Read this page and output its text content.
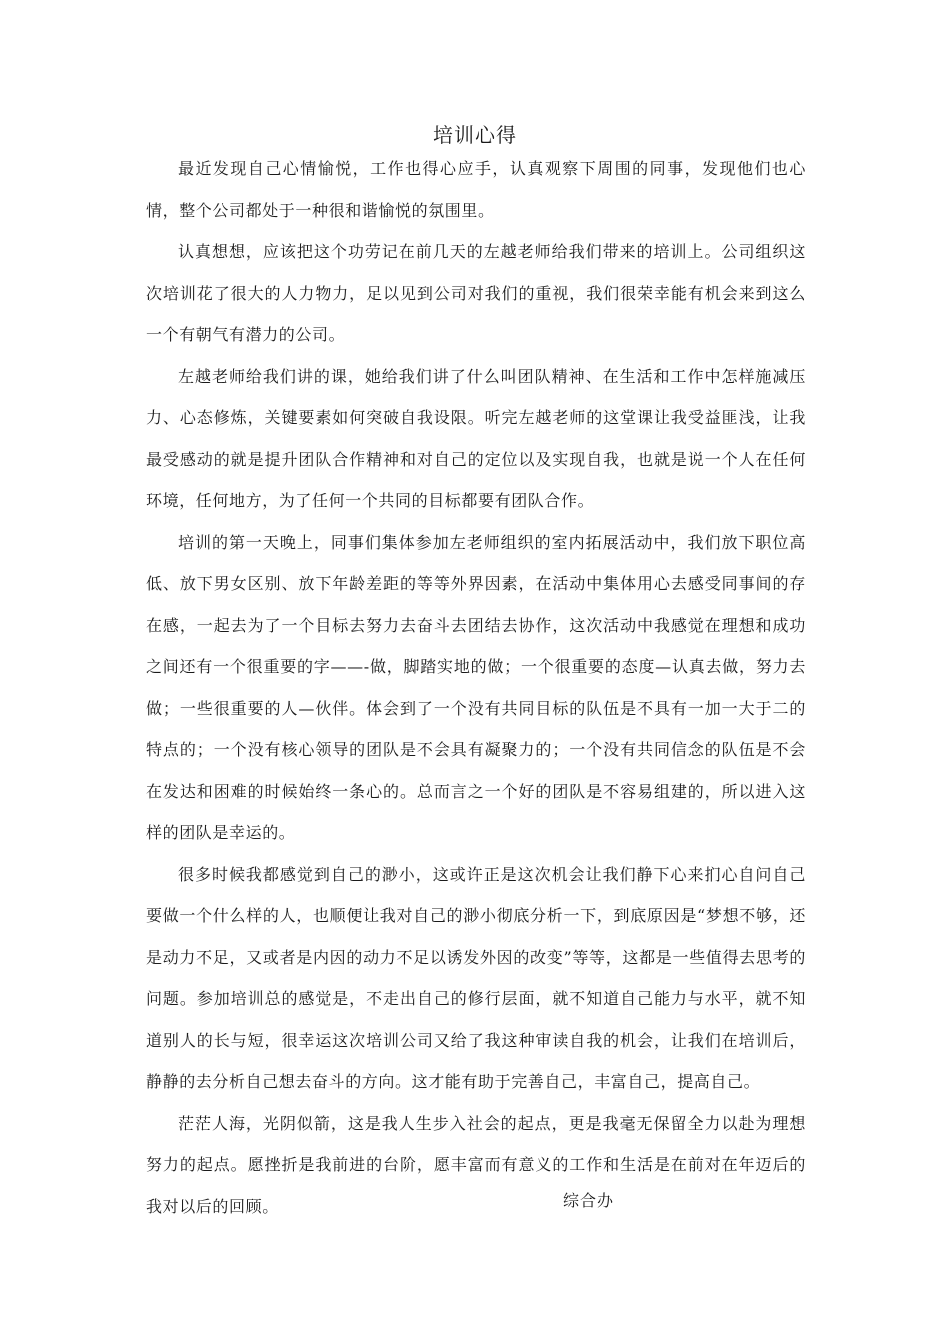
培训心得

最近发现自己心情愉悦，工作也得心应手，认真观察下周围的同事，发现他们也心情，整个公司都处于一种很和谐愉悦的氛围里。

认真想想，应该把这个功劳记在前几天的左越老师给我们带来的培训上。公司组织这次培训花了很大的人力物力，足以见到公司对我们的重视，我们很荣幸能有机会来到这么一个有朝气有潜力的公司。

左越老师给我们讲的课，她给我们讲了什么叫团队精神、在生活和工作中怎样施减压力、心态修炼，关键要素如何突破自我设限。听完左越老师的这堂课让我受益匪浅，让我最受感动的就是提升团队合作精神和对自己的定位以及实现自我，也就是说一个人在任何环境，任何地方，为了任何一个共同的目标都要有团队合作。

培训的第一天晚上，同事们集体参加左老师组织的室内拓展活动中，我们放下职位高低、放下男女区别、放下年龄差距的等等外界因素，在活动中集体用心去感受同事间的存在感，一起去为了一个目标去努力去奋斗去团结去协作，这次活动中我感觉在理想和成功之间还有一个很重要的字——-做，脚踏实地的做；一个很重要的态度—认真去做，努力去做；一些很重要的人—伙伴。体会到了一个没有共同目标的队伍是不具有一加一大于二的特点的；一个没有核心领导的团队是不会具有凝聚力的；一个没有共同信念的队伍是不会在发达和困难的时候始终一条心的。总而言之一个好的团队是不容易组建的，所以进入这样的团队是幸运的。

很多时候我都感觉到自己的渺小，这或许正是这次机会让我们静下心来扪心自问自己要做一个什么样的人，也顺便让我对自己的渺小彻底分析一下，到底原因是“梦想不够，还是动力不足，又或者是内因的动力不足以诱发外因的改变”等等，这都是一些值得去思考的问题。参加培训总的感觉是，不走出自己的修行层面，就不知道自己能力与水平，就不知道别人的长与短，很幸运这次培训公司又给了我这种审读自我的机会，让我们在培训后，静静的去分析自己想去奋斗的方向。这才能有助于完善自己，丰富自己，提高自己。

茫茫人海，光阴似箭，这是我人生步入社会的起点，更是我毫无保留全力以赴为理想努力的起点。愿挫折是我前进的台阶，愿丰富而有意义的工作和生活是在前对在年迈后的我对以后的回顾。	综合办
